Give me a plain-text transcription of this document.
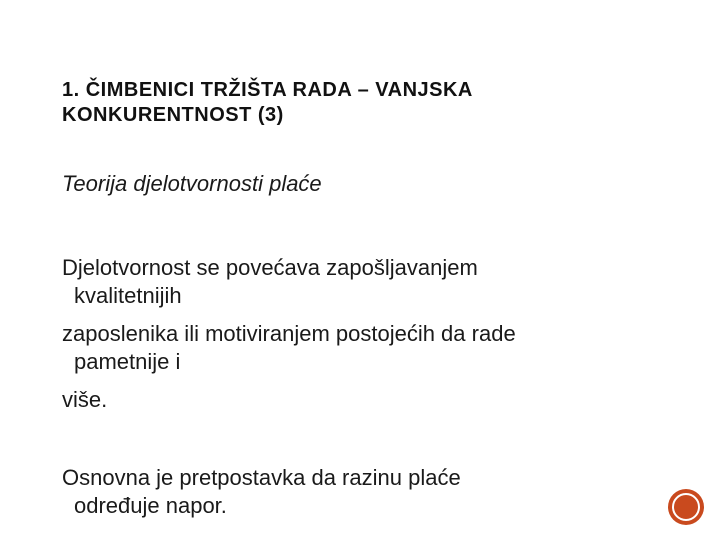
1. ČIMBENICI TRŽIŠTA RADA – VANJSKA
KONKURENTNOST (3)

Teorija djelotvornosti plaće

Djelotvornost se povećava zapošljavanjem
kvalitetnijih
zaposlenika ili motiviranjem postojećih da rade
pametnije i
više.
Osnovna je pretpostavka da razinu plaće
određuje napor.
